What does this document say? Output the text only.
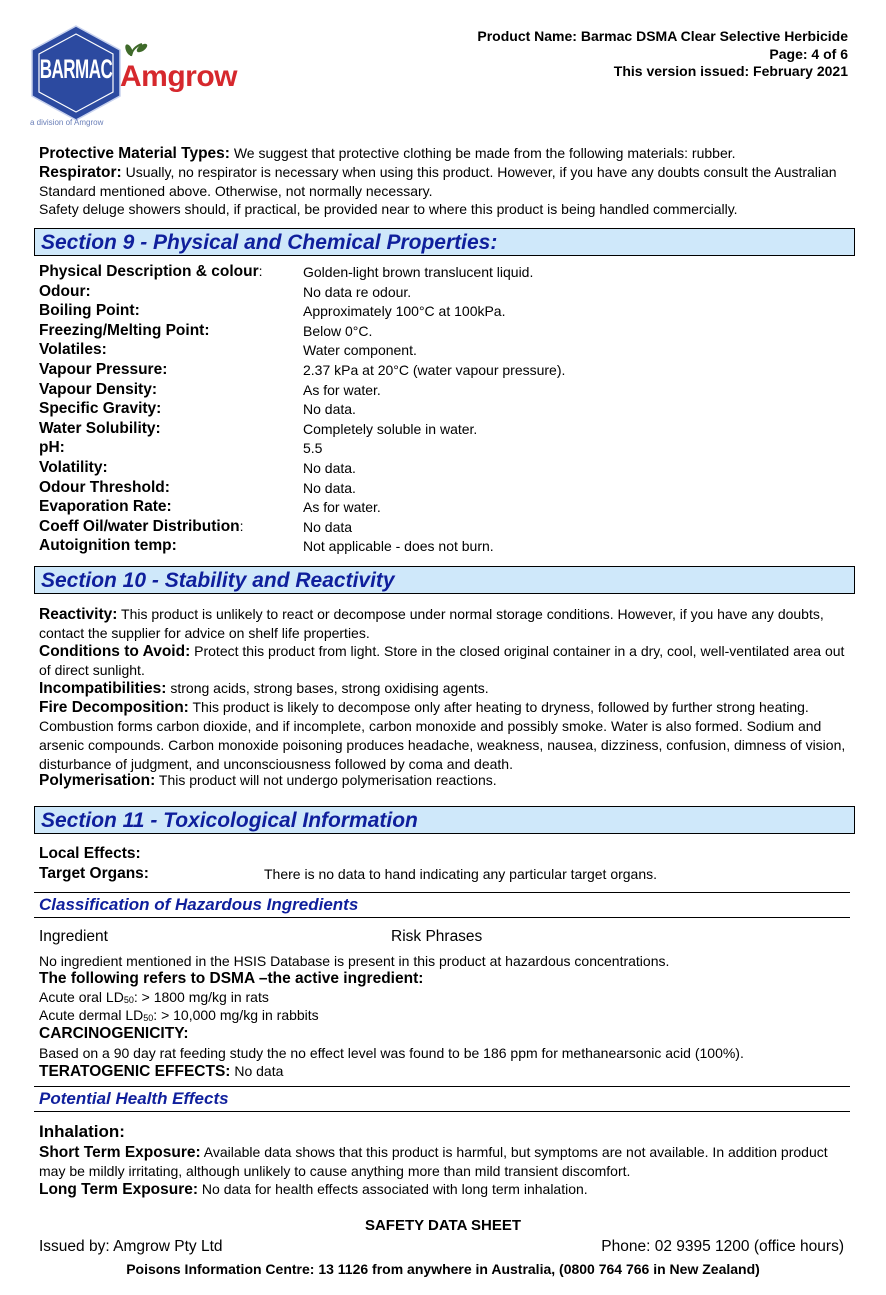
BARMAC Amgrow
a division of Amgrow
Product Name: Barmac DSMA Clear Selective Herbicide
Page: 4 of 6
This version issued: February 2021
Protective Material Types: We suggest that protective clothing be made from the following materials: rubber.
Respirator: Usually, no respirator is necessary when using this product. However, if you have any doubts consult the Australian Standard mentioned above. Otherwise, not normally necessary.
Safety deluge showers should, if practical, be provided near to where this product is being handled commercially.
Section 9 - Physical and Chemical Properties:
Physical Description & colour:	Golden-light brown translucent liquid.
Odour:	No data re odour.
Boiling Point:	Approximately 100°C at 100kPa.
Freezing/Melting Point:	Below 0°C.
Volatiles:	Water component.
Vapour Pressure:	2.37 kPa at 20°C (water vapour pressure).
Vapour Density:	As for water.
Specific Gravity:	No data.
Water Solubility:	Completely soluble in water.
pH:	5.5
Volatility:	No data.
Odour Threshold:	No data.
Evaporation Rate:	As for water.
Coeff Oil/water Distribution:	No data
Autoignition temp:	Not applicable - does not burn.
Section 10 - Stability and Reactivity
Reactivity: This product is unlikely to react or decompose under normal storage conditions. However, if you have any doubts, contact the supplier for advice on shelf life properties.
Conditions to Avoid: Protect this product from light. Store in the closed original container in a dry, cool, well-ventilated area out of direct sunlight.
Incompatibilities: strong acids, strong bases, strong oxidising agents.
Fire Decomposition: This product is likely to decompose only after heating to dryness, followed by further strong heating. Combustion forms carbon dioxide, and if incomplete, carbon monoxide and possibly smoke. Water is also formed. Sodium and arsenic compounds. Carbon monoxide poisoning produces headache, weakness, nausea, dizziness, confusion, dimness of vision, disturbance of judgment, and unconsciousness followed by coma and death.
Polymerisation: This product will not undergo polymerisation reactions.
Section 11 - Toxicological Information
Local Effects:
Target Organs:	There is no data to hand indicating any particular target organs.
Classification of Hazardous Ingredients
Ingredient	Risk Phrases
No ingredient mentioned in the HSIS Database is present in this product at hazardous concentrations.
The following refers to DSMA –the active ingredient:
Acute oral $LD_{50}$: > 1800 mg/kg in rats
Acute dermal $LD_{50}$: > 10,000 mg/kg in rabbits
CARCINOGENICITY:
Based on a 90 day rat feeding study the no effect level was found to be 186 ppm for methanearsonic acid (100%).
TERATOGENIC EFFECTS: No data
Potential Health Effects
Inhalation:
Short Term Exposure: Available data shows that this product is harmful, but symptoms are not available. In addition product may be mildly irritating, although unlikely to cause anything more than mild transient discomfort.
Long Term Exposure: No data for health effects associated with long term inhalation.
SAFETY DATA SHEET
Issued by: Amgrow Pty Ltd	Phone: 02 9395 1200 (office hours)
Poisons Information Centre: 13 1126 from anywhere in Australia, (0800 764 766 in New Zealand)
